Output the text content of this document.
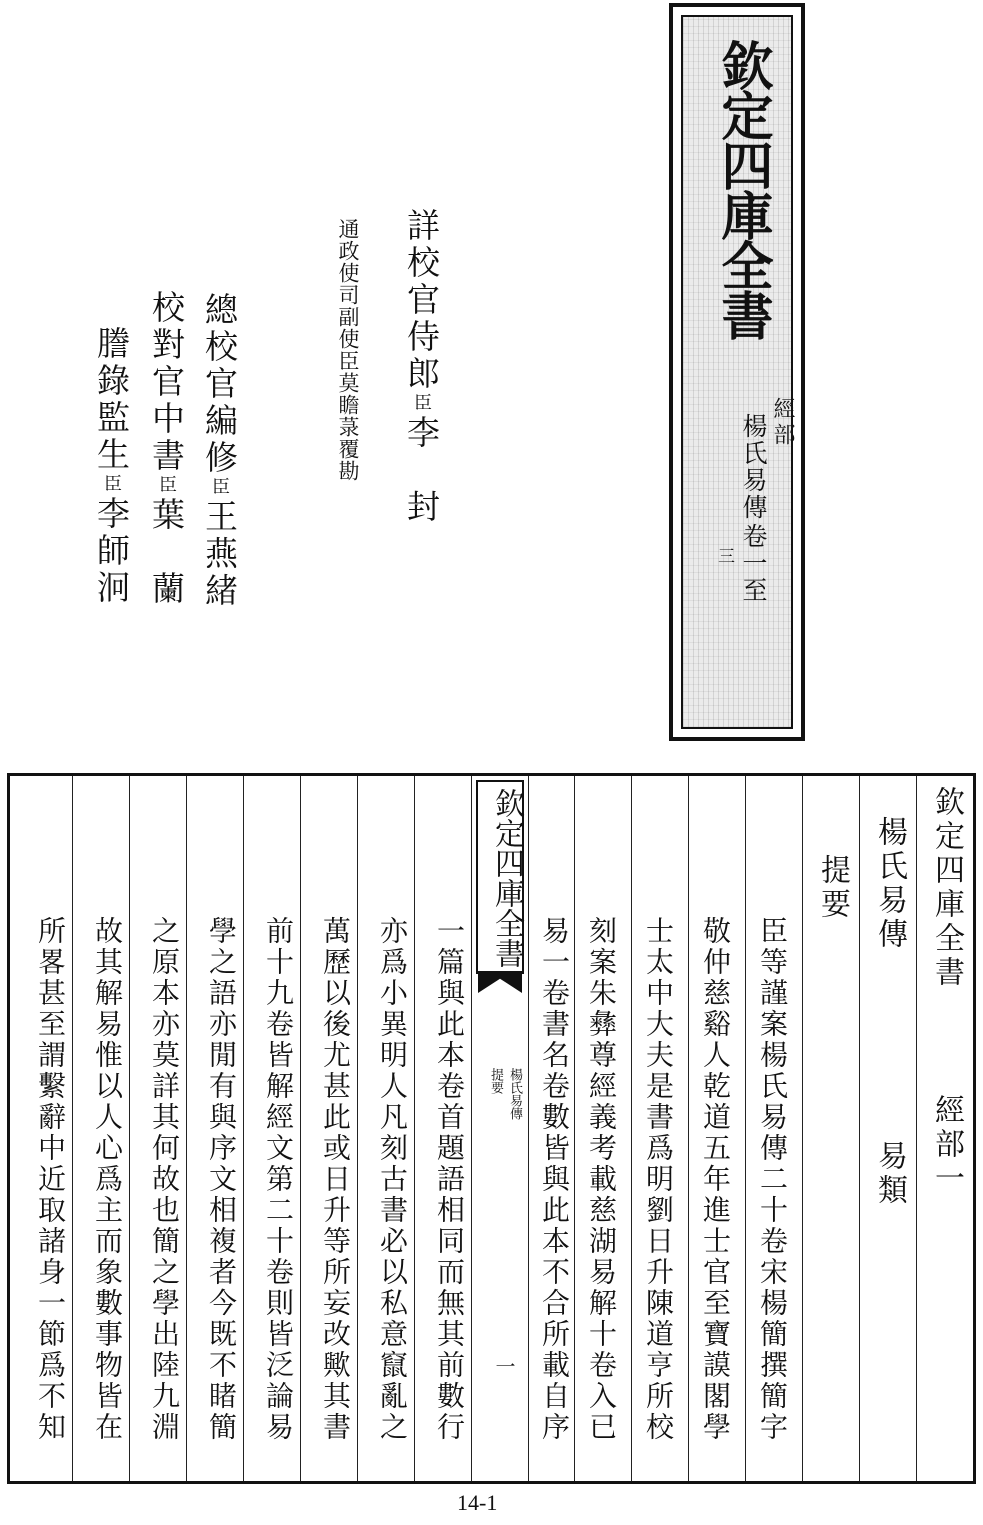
欽定四庫全書
經部
楊氏易傳
卷一至
三
詳校官侍郎臣李　封
通政使司副使臣莫瞻菉覆勘
總校官編修臣王燕緒
校對官中書臣葉　蘭
謄錄監生臣李師泂
欽定四庫全書
經部一
楊氏易傳
易類
提要
臣等謹案楊氏易傳二十卷宋楊簡撰簡字
敬仲慈谿人乾道五年進士官至寶謨閣學
士太中大夫是書爲明劉日升陳道亨所校
刻案朱彝尊經義考載慈湖易解十卷入已
易一卷書名卷數皆與此本不合所載自序
欽定四庫全書
楊氏易傳
提要
一
一篇與此本卷首題語相同而無其前數行
亦爲小異明人凡刻古書必以私意竄亂之
萬歷以後尤甚此或日升等所妄改歟其書
前十九卷皆解經文第二十卷則皆泛論易
學之語亦閒有與序文相複者今既不睹簡
之原本亦莫詳其何故也簡之學出陸九淵
故其解易惟以人心爲主而象數事物皆在
所畧甚至謂繫辭中近取諸身一節爲不知
14-1
